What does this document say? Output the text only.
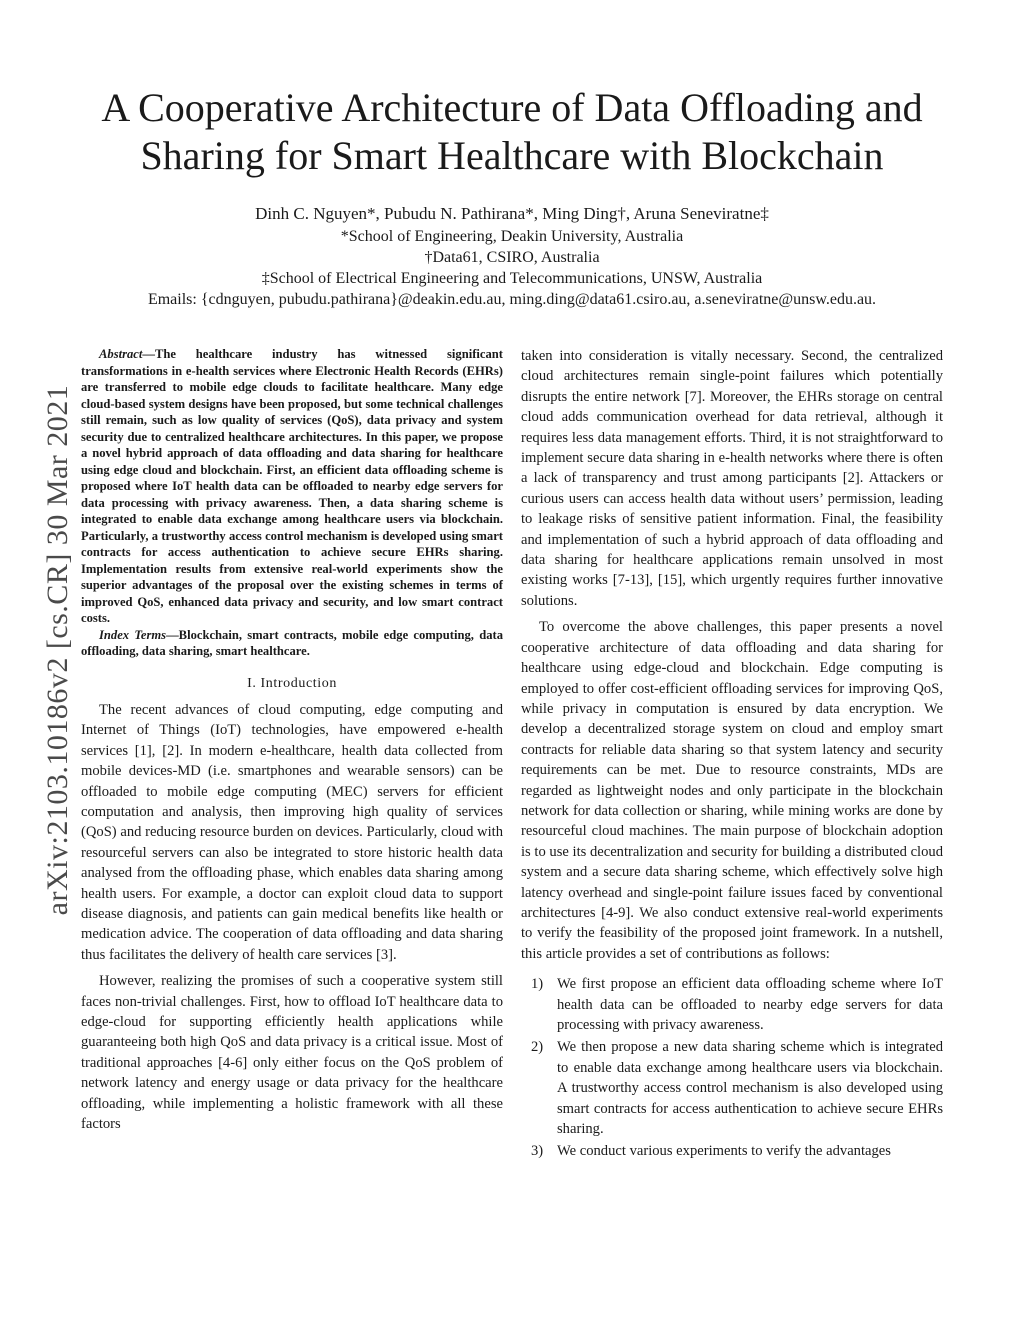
arXiv:2103.10186v2 [cs.CR] 30 Mar 2021
A Cooperative Architecture of Data Offloading and Sharing for Smart Healthcare with Blockchain
Dinh C. Nguyen*, Pubudu N. Pathirana*, Ming Ding†, Aruna Seneviratne‡
*School of Engineering, Deakin University, Australia
†Data61, CSIRO, Australia
‡School of Electrical Engineering and Telecommunications, UNSW, Australia
Emails: {cdnguyen, pubudu.pathirana}@deakin.edu.au, ming.ding@data61.csiro.au, a.seneviratne@unsw.edu.au.

Abstract—The healthcare industry has witnessed significant transformations in e-health services where Electronic Health Records (EHRs) are transferred to mobile edge clouds to facilitate healthcare. Many edge cloud-based system designs have been proposed, but some technical challenges still remain, such as low quality of services (QoS), data privacy and system security due to centralized healthcare architectures. In this paper, we propose a novel hybrid approach of data offloading and data sharing for healthcare using edge cloud and blockchain. First, an efficient data offloading scheme is proposed where IoT health data can be offloaded to nearby edge servers for data processing with privacy awareness. Then, a data sharing scheme is integrated to enable data exchange among healthcare users via blockchain. Particularly, a trustworthy access control mechanism is developed using smart contracts for access authentication to achieve secure EHRs sharing. Implementation results from extensive real-world experiments show the superior advantages of the proposal over the existing schemes in terms of improved QoS, enhanced data privacy and security, and low smart contract costs.

Index Terms—Blockchain, smart contracts, mobile edge computing, data offloading, data sharing, smart healthcare.

I. Introduction

The recent advances of cloud computing, edge computing and Internet of Things (IoT) technologies, have empowered e-health services [1], [2]. In modern e-healthcare, health data collected from mobile devices-MD (i.e. smartphones and wearable sensors) can be offloaded to mobile edge computing (MEC) servers for efficient computation and analysis, then improving high quality of services (QoS) and reducing resource burden on devices. Particularly, cloud with resourceful servers can also be integrated to store historic health data analysed from the offloading phase, which enables data sharing among health users. For example, a doctor can exploit cloud data to support disease diagnosis, and patients can gain medical benefits like health or medication advice. The cooperation of data offloading and data sharing thus facilitates the delivery of health care services [3].

However, realizing the promises of such a cooperative system still faces non-trivial challenges. First, how to offload IoT healthcare data to edge-cloud for supporting efficiently health applications while guaranteeing both high QoS and data privacy is a critical issue. Most of traditional approaches [4-6] only either focus on the QoS problem of network latency and energy usage or data privacy for the healthcare offloading, while implementing a holistic framework with all these factors

taken into consideration is vitally necessary. Second, the centralized cloud architectures remain single-point failures which potentially disrupts the entire network [7]. Moreover, the EHRs storage on central cloud adds communication overhead for data retrieval, although it requires less data management efforts. Third, it is not straightforward to implement secure data sharing in e-health networks where there is often a lack of transparency and trust among participants [2]. Attackers or curious users can access health data without users’ permission, leading to leakage risks of sensitive patient information. Final, the feasibility and implementation of such a hybrid approach of data offloading and data sharing for healthcare applications remain unsolved in most existing works [7-13], [15], which urgently requires further innovative solutions.

To overcome the above challenges, this paper presents a novel cooperative architecture of data offloading and data sharing for healthcare using edge-cloud and blockchain. Edge computing is employed to offer cost-efficient offloading services for improving QoS, while privacy in computation is ensured by data encryption. We develop a decentralized storage system on cloud and employ smart contracts for reliable data sharing so that system latency and security requirements can be met. Due to resource constraints, MDs are regarded as lightweight nodes and only participate in the blockchain network for data collection or sharing, while mining works are done by resourceful cloud machines. The main purpose of blockchain adoption is to use its decentralization and security for building a distributed cloud system and a secure data sharing scheme, which effectively solve high latency overhead and single-point failure issues faced by conventional architectures [4-9]. We also conduct extensive real-world experiments to verify the feasibility of the proposed joint framework. In a nutshell, this article provides a set of contributions as follows:

1) We first propose an efficient data offloading scheme where IoT health data can be offloaded to nearby edge servers for data processing with privacy awareness.
2) We then propose a new data sharing scheme which is integrated to enable data exchange among healthcare users via blockchain. A trustworthy access control mechanism is also developed using smart contracts for access authentication to achieve secure EHRs sharing.
3) We conduct various experiments to verify the advantages
